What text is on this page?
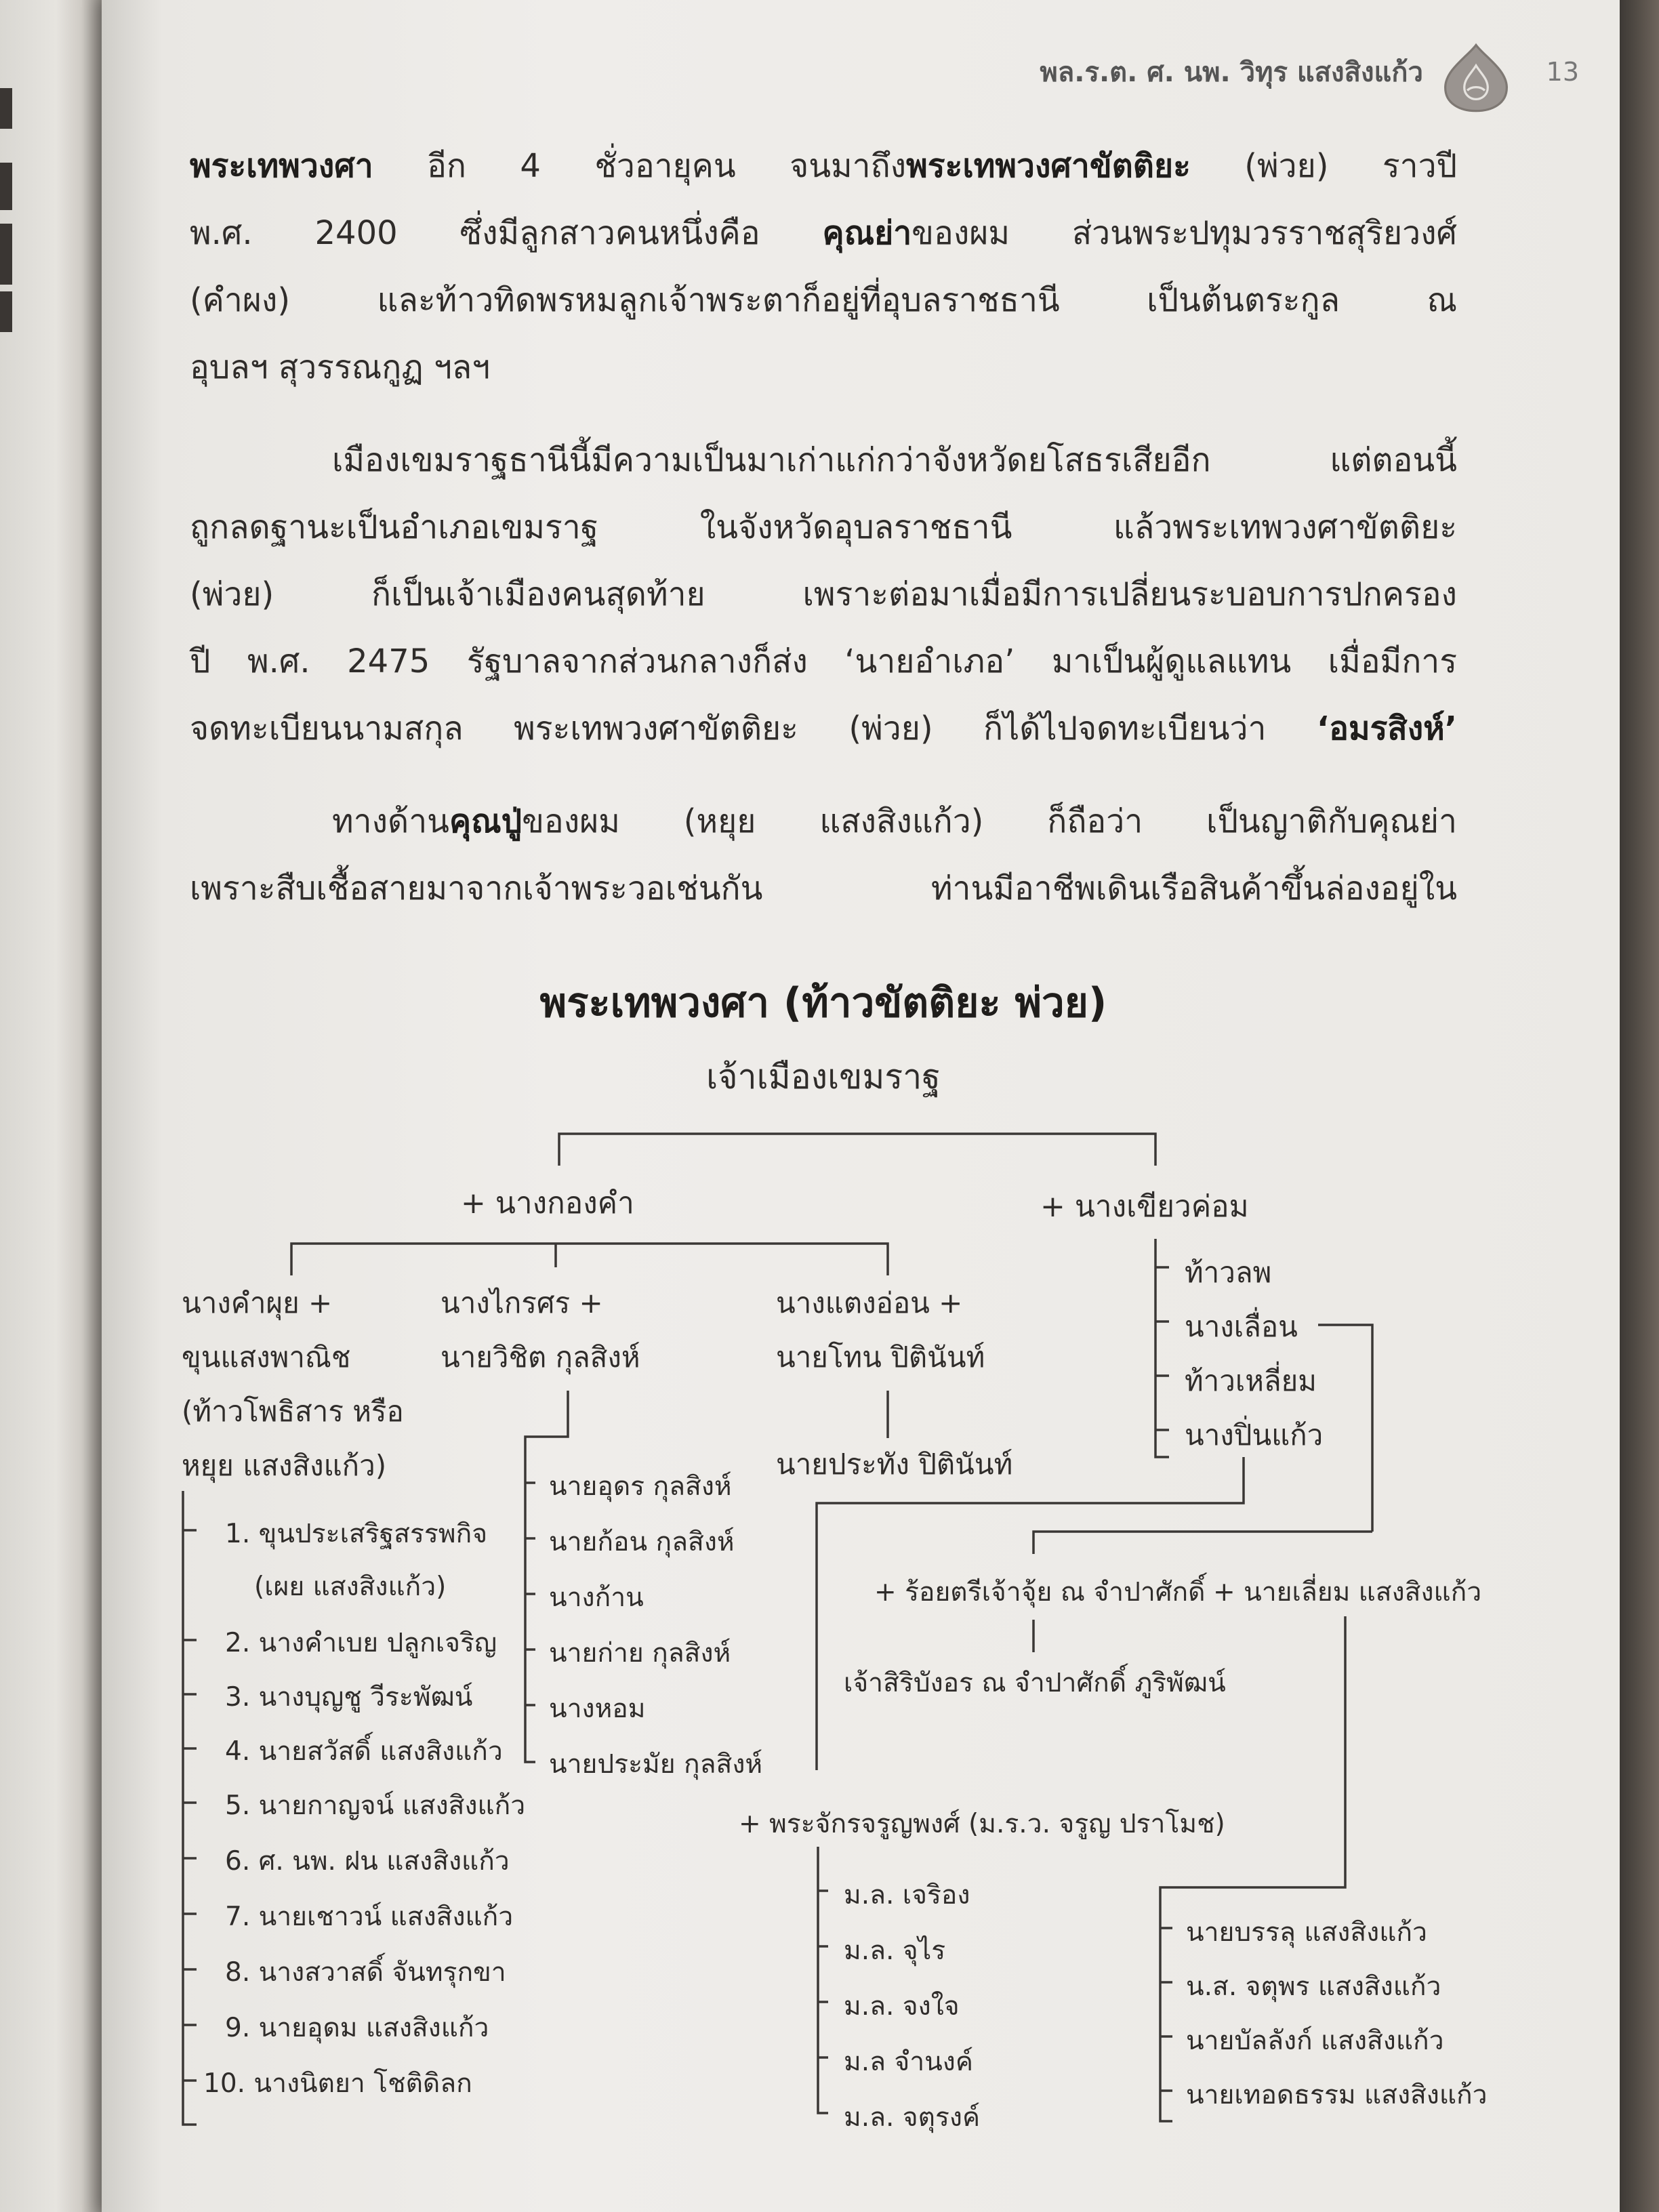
พล.ร.ต. ศ. นพ. วิทุร แสงสิงแก้ว	13
พระเทพวงศา อีก 4 ชั่วอายุคน จนมาถึงพระเทพวงศาขัตติยะ (พ่วย) ราวปี
พ.ศ. 2400 ซึ่งมีลูกสาวคนหนึ่งคือ คุณย่าของผม ส่วนพระปทุมวรราชสุริยวงศ์
(คำผง) และท้าวทิดพรหมลูกเจ้าพระตาก็อยู่ที่อุบลราชธานี เป็นต้นตระกูล ณ
อุบลฯ สุวรรณกูฏ ฯลฯ
เมืองเขมราฐธานีนี้มีความเป็นมาเก่าแก่กว่าจังหวัดยโสธรเสียอีก แต่ตอนนี้
ถูกลดฐานะเป็นอำเภอเขมราฐ ในจังหวัดอุบลราชธานี แล้วพระเทพวงศาขัตติยะ
(พ่วย) ก็เป็นเจ้าเมืองคนสุดท้าย เพราะต่อมาเมื่อมีการเปลี่ยนระบอบการปกครอง
ปี พ.ศ. 2475 รัฐบาลจากส่วนกลางก็ส่ง ‘นายอำเภอ’ มาเป็นผู้ดูแลแทน เมื่อมีการ
จดทะเบียนนามสกุล พระเทพวงศาขัตติยะ (พ่วย) ก็ได้ไปจดทะเบียนว่า ‘อมรสิงห์’
ทางด้านคุณปู่ของผม (หยุย แสงสิงแก้ว) ก็ถือว่า เป็นญาติกับคุณย่า
เพราะสืบเชื้อสายมาจากเจ้าพระวอเช่นกัน ท่านมีอาชีพเดินเรือสินค้าขึ้นล่องอยู่ใน
พระเทพวงศา (ท้าวขัตติยะ พ่วย)
เจ้าเมืองเขมราฐ
+ นางกองคำ	+ นางเขียวค่อม
นางคำผุย +
ขุนแสงพาณิช
(ท้าวโพธิสาร หรือ
หยุย แสงสิงแก้ว)
นางไกรศร +
นายวิชิต กุลสิงห์
นางแตงอ่อน +
นายโทน ปิตินันท์
นายประทัง ปิตินันท์
ท้าวลพ
นางเลื่อน
ท้าวเหลี่ยม
นางปิ่นแก้ว
นายอุดร กุลสิงห์
นายก้อน กุลสิงห์
นางก้าน
นายก่าย กุลสิงห์
นางหอม
นายประมัย กุลสิงห์
1. ขุนประเสริฐสรรพกิจ
(เผย แสงสิงแก้ว)
2. นางคำเบย ปลูกเจริญ
3. นางบุญชู วีระพัฒน์
4. นายสวัสดิ์ แสงสิงแก้ว
5. นายกาญจน์ แสงสิงแก้ว
6. ศ. นพ. ฝน แสงสิงแก้ว
7. นายเชาวน์ แสงสิงแก้ว
8. นางสวาสดิ์ จันทรุกขา
9. นายอุดม แสงสิงแก้ว
10. นางนิตยา โชติดิลก
+ ร้อยตรีเจ้าจุ้ย ณ จำปาศักดิ์
เจ้าสิริบังอร ณ จำปาศักดิ์ ภูริพัฒน์
+ นายเลี่ยม แสงสิงแก้ว
+ พระจักรจรูญพงศ์ (ม.ร.ว. จรูญ ปราโมช)
ม.ล. เจริอง
ม.ล. จุไร
ม.ล. จงใจ
ม.ล จำนงค์
ม.ล. จตุรงค์
นายบรรลุ แสงสิงแก้ว
น.ส. จตุพร แสงสิงแก้ว
นายบัลลังก์ แสงสิงแก้ว
นายเทอดธรรม แสงสิงแก้ว
